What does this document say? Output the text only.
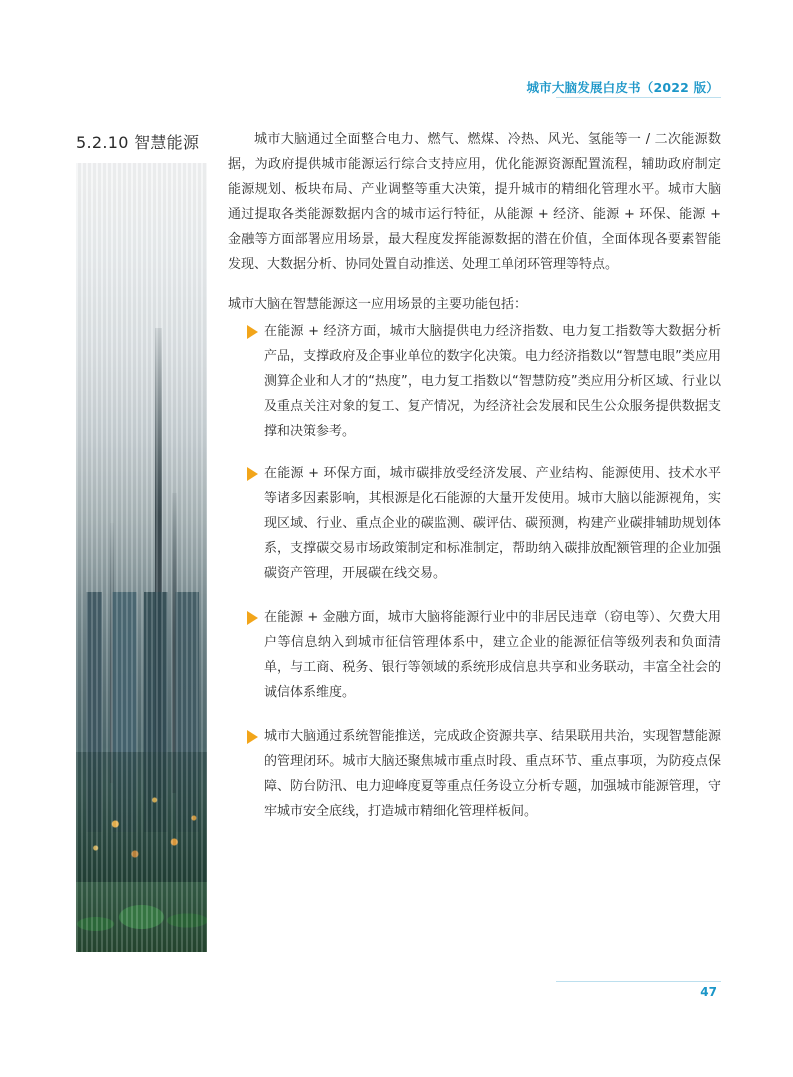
城市大脑发展白皮书（2022 版）
5.2.10 智慧能源	城市大脑通过全面整合电力、燃气、燃煤、冷热、风光、氢能等一 / 二次能源数据，为政府提供城市能源运行综合支持应用，优化能源资源配置流程，辅助政府制定能源规划、板块布局、产业调整等重大决策，提升城市的精细化管理水平。城市大脑通过提取各类能源数据内含的城市运行特征，从能源 + 经济、能源 + 环保、能源 + 金融等方面部署应用场景，最大程度发挥能源数据的潜在价值，全面体现各要素智能发现、大数据分析、协同处置自动推送、处理工单闭环管理等特点。

城市大脑在智慧能源这一应用场景的主要功能包括：
在能源 + 经济方面，城市大脑提供电力经济指数、电力复工指数等大数据分析产品，支撑政府及企事业单位的数字化决策。电力经济指数以“智慧电眼”类应用测算企业和人才的“热度”，电力复工指数以“智慧防疫”类应用分析区域、行业以及重点关注对象的复工、复产情况，为经济社会发展和民生公众服务提供数据支撑和决策参考。
在能源 + 环保方面，城市碳排放受经济发展、产业结构、能源使用、技术水平等诸多因素影响，其根源是化石能源的大量开发使用。城市大脑以能源视角，实现区域、行业、重点企业的碳监测、碳评估、碳预测，构建产业碳排辅助规划体系，支撑碳交易市场政策制定和标准制定，帮助纳入碳排放配额管理的企业加强碳资产管理，开展碳在线交易。
在能源 + 金融方面，城市大脑将能源行业中的非居民违章（窃电等）、欠费大用户等信息纳入到城市征信管理体系中，建立企业的能源征信等级列表和负面清单，与工商、税务、银行等领域的系统形成信息共享和业务联动，丰富全社会的诚信体系维度。
城市大脑通过系统智能推送，完成政企资源共享、结果联用共治，实现智慧能源的管理闭环。城市大脑还聚焦城市重点时段、重点环节、重点事项，为防疫点保障、防台防汛、电力迎峰度夏等重点任务设立分析专题，加强城市能源管理，守牢城市安全底线，打造城市精细化管理样板间。
47
